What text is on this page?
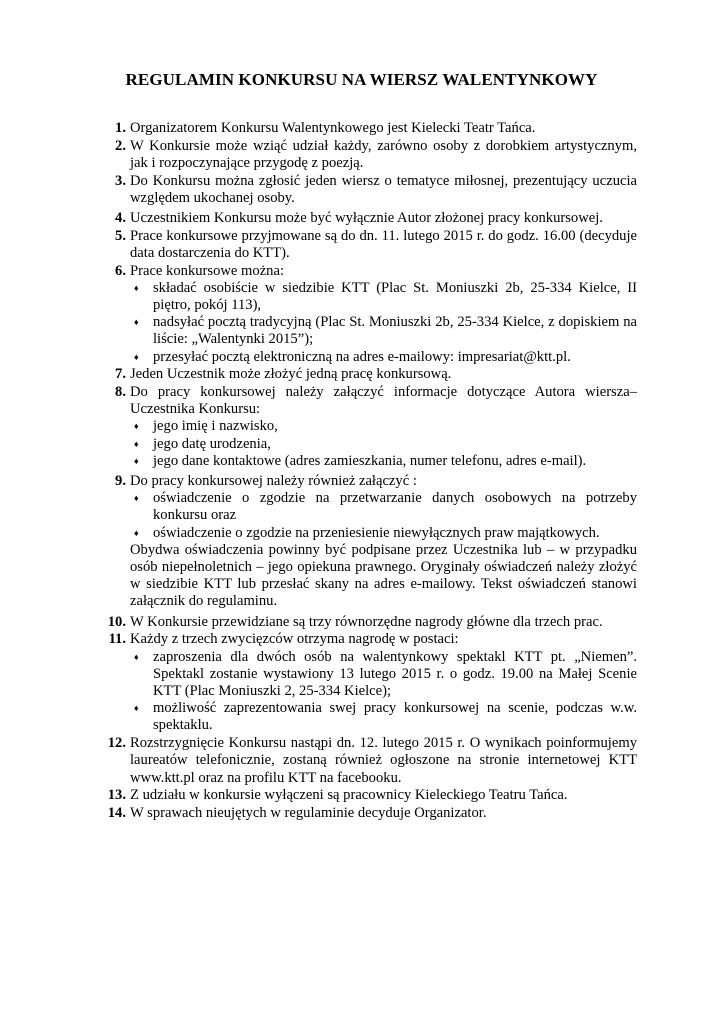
REGULAMIN KONKURSU NA WIERSZ WALENTYNKOWY
1. Organizatorem Konkursu Walentynkowego jest Kielecki Teatr Tańca.
2. W Konkursie może wziąć udział każdy, zarówno osoby z dorobkiem artystycznym, jak i rozpoczynające przygodę z poezją.
3. Do Konkursu można zgłosić jeden wiersz o tematyce miłosnej, prezentujący uczucia względem ukochanej osoby.
4. Uczestnikiem Konkursu może być wyłącznie Autor złożonej pracy konkursowej.
5. Prace konkursowe przyjmowane są do dn. 11. lutego 2015 r. do godz. 16.00 (decyduje data dostarczenia do KTT).
6. Prace konkursowe można:
♦ składać osobiście w siedzibie KTT (Plac St. Moniuszki 2b, 25-334 Kielce, II piętro, pokój 113),
♦ nadsyłać pocztą tradycyjną (Plac St. Moniuszki 2b, 25-334 Kielce, z dopiskiem na liście: „Walentynki 2015”);
♦ przesyłać pocztą elektroniczną na adres e-mailowy: impresariat@ktt.pl.
7. Jeden Uczestnik może złożyć jedną pracę konkursową.
8. Do pracy konkursowej należy załączyć informacje dotyczące Autora wiersza– Uczestnika Konkursu:
♦ jego imię i nazwisko,
♦ jego datę urodzenia,
♦ jego dane kontaktowe (adres zamieszkania, numer telefonu, adres e-mail).
9. Do pracy konkursowej należy również załączyć :
♦ oświadczenie o zgodzie na przetwarzanie danych osobowych na potrzeby konkursu oraz
♦ oświadczenie o zgodzie na przeniesienie niewyłącznych praw majątkowych.

Obydwa oświadczenia powinny być podpisane przez Uczestnika lub – w przypadku osób niepełnoletnich – jego opiekuna prawnego. Oryginały oświadczeń należy złożyć w siedzibie KTT lub przesłać skany na adres e-mailowy. Tekst oświadczeń stanowi załącznik do regulaminu.

10. W Konkursie przewidziane są trzy równorzędne nagrody główne dla trzech prac.
11. Każdy z trzech zwycięzców otrzyma nagrodę w postaci:
♦ zaproszenia dla dwóch osób na walentynkowy spektakl KTT pt. „Niemen”. Spektakl zostanie wystawiony 13 lutego 2015 r. o godz. 19.00 na Małej Scenie KTT (Plac Moniuszki 2, 25-334 Kielce);
♦ możliwość zaprezentowania swej pracy konkursowej na scenie, podczas w.w. spektaklu.
12. Rozstrzygnięcie Konkursu nastąpi dn. 12. lutego 2015 r. O wynikach poinformujemy laureatów telefonicznie, zostaną również ogłoszone na stronie internetowej KTT www.ktt.pl oraz na profilu KTT na facebooku.
13. Z udziału w konkursie wyłączeni są pracownicy Kieleckiego Teatru Tańca.
14. W sprawach nieujętych w regulaminie decyduje Organizator.
